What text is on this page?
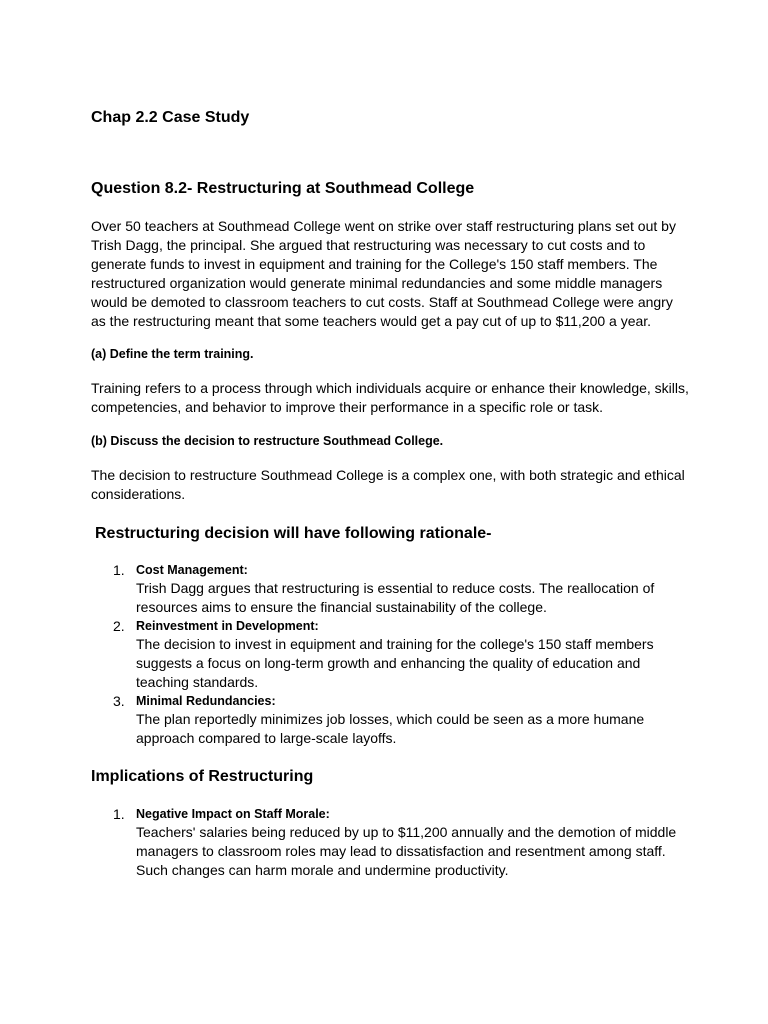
Chap 2.2 Case Study
Question 8.2- Restructuring at Southmead College

Over 50 teachers at Southmead College went on strike over staff restructuring plans set out by Trish Dagg, the principal. She argued that restructuring was necessary to cut costs and to generate funds to invest in equipment and training for the College's 150 staff members. The restructured organization would generate minimal redundancies and some middle managers would be demoted to classroom teachers to cut costs. Staff at Southmead College were angry as the restructuring meant that some teachers would get a pay cut of up to $11,200 a year.

(a) Define the term training.

Training refers to a process through which individuals acquire or enhance their knowledge, skills, competencies, and behavior to improve their performance in a specific role or task.

(b) Discuss the decision to restructure Southmead College.

The decision to restructure Southmead College is a complex one, with both strategic and ethical considerations.

Restructuring decision will have following rationale-
1. Cost Management:
Trish Dagg argues that restructuring is essential to reduce costs. The reallocation of resources aims to ensure the financial sustainability of the college.
2. Reinvestment in Development:
The decision to invest in equipment and training for the college's 150 staff members suggests a focus on long-term growth and enhancing the quality of education and teaching standards.
3. Minimal Redundancies:
The plan reportedly minimizes job losses, which could be seen as a more humane approach compared to large-scale layoffs.
Implications of Restructuring
1. Negative Impact on Staff Morale:
Teachers' salaries being reduced by up to $11,200 annually and the demotion of middle managers to classroom roles may lead to dissatisfaction and resentment among staff. Such changes can harm morale and undermine productivity.
